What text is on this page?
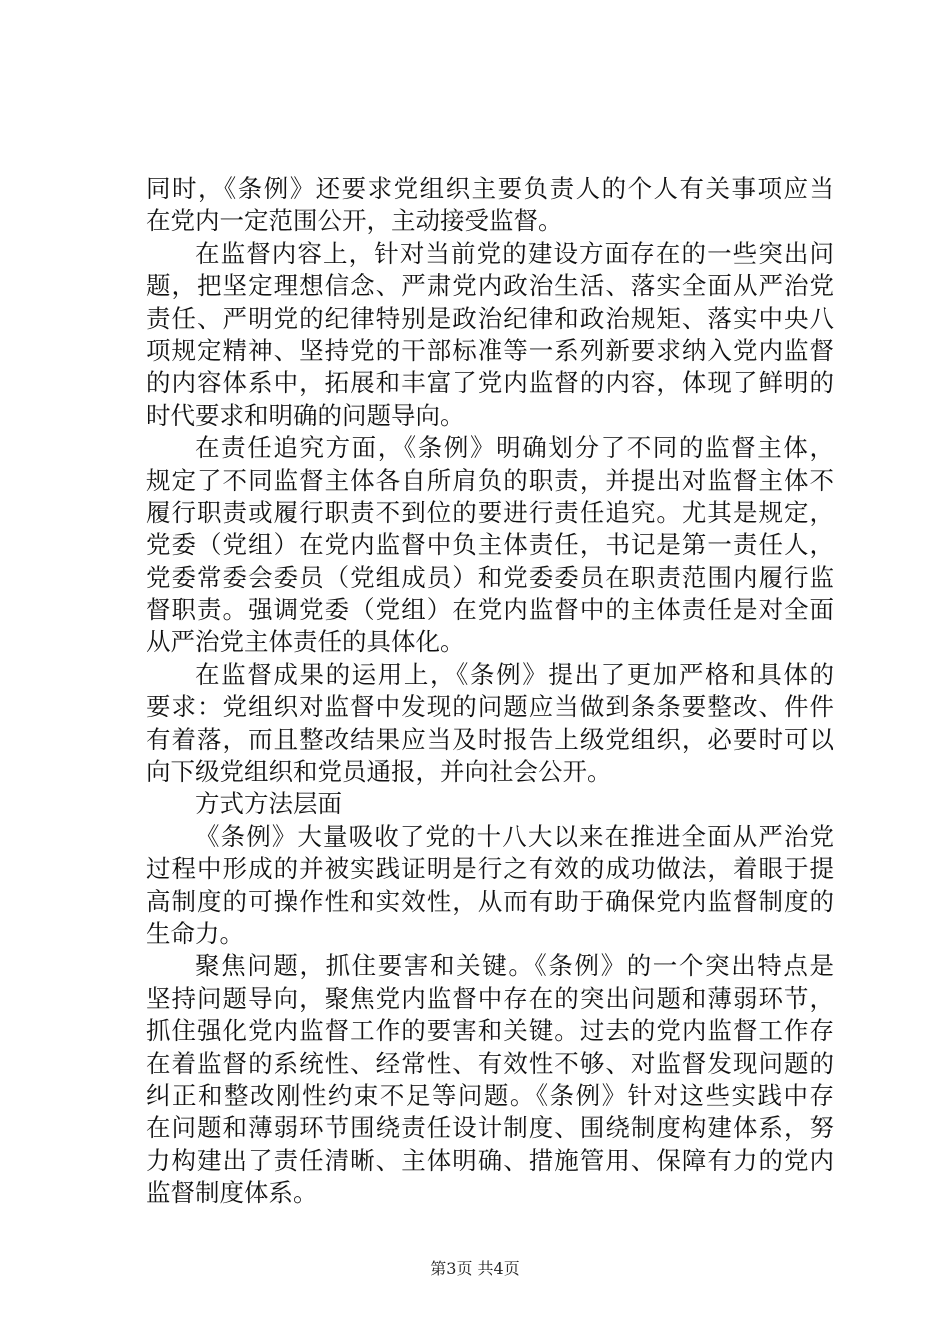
同时，《条例》还要求党组织主要负责人的个人有关事项应当
在党内一定范围公开，主动接受监督。
在监督内容上，针对当前党的建设方面存在的一些突出问
题，把坚定理想信念、严肃党内政治生活、落实全面从严治党
责任、严明党的纪律特别是政治纪律和政治规矩、落实中央八
项规定精神、坚持党的干部标准等一系列新要求纳入党内监督
的内容体系中，拓展和丰富了党内监督的内容，体现了鲜明的
时代要求和明确的问题导向。
在责任追究方面，《条例》明确划分了不同的监督主体，
规定了不同监督主体各自所肩负的职责，并提出对监督主体不
履行职责或履行职责不到位的要进行责任追究。尤其是规定，
党委（党组）在党内监督中负主体责任，书记是第一责任人，
党委常委会委员（党组成员）和党委委员在职责范围内履行监
督职责。强调党委（党组）在党内监督中的主体责任是对全面
从严治党主体责任的具体化。
在监督成果的运用上，《条例》提出了更加严格和具体的
要求：党组织对监督中发现的问题应当做到条条要整改、件件
有着落，而且整改结果应当及时报告上级党组织，必要时可以
向下级党组织和党员通报，并向社会公开。
方式方法层面
《条例》大量吸收了党的十八大以来在推进全面从严治党
过程中形成的并被实践证明是行之有效的成功做法，着眼于提
高制度的可操作性和实效性，从而有助于确保党内监督制度的
生命力。
聚焦问题，抓住要害和关键。《条例》的一个突出特点是
坚持问题导向，聚焦党内监督中存在的突出问题和薄弱环节，
抓住强化党内监督工作的要害和关键。过去的党内监督工作存
在着监督的系统性、经常性、有效性不够、对监督发现问题的
纠正和整改刚性约束不足等问题。《条例》针对这些实践中存
在问题和薄弱环节围绕责任设计制度、围绕制度构建体系，努
力构建出了责任清晰、主体明确、措施管用、保障有力的党内
监督制度体系。
第3页 共4页
